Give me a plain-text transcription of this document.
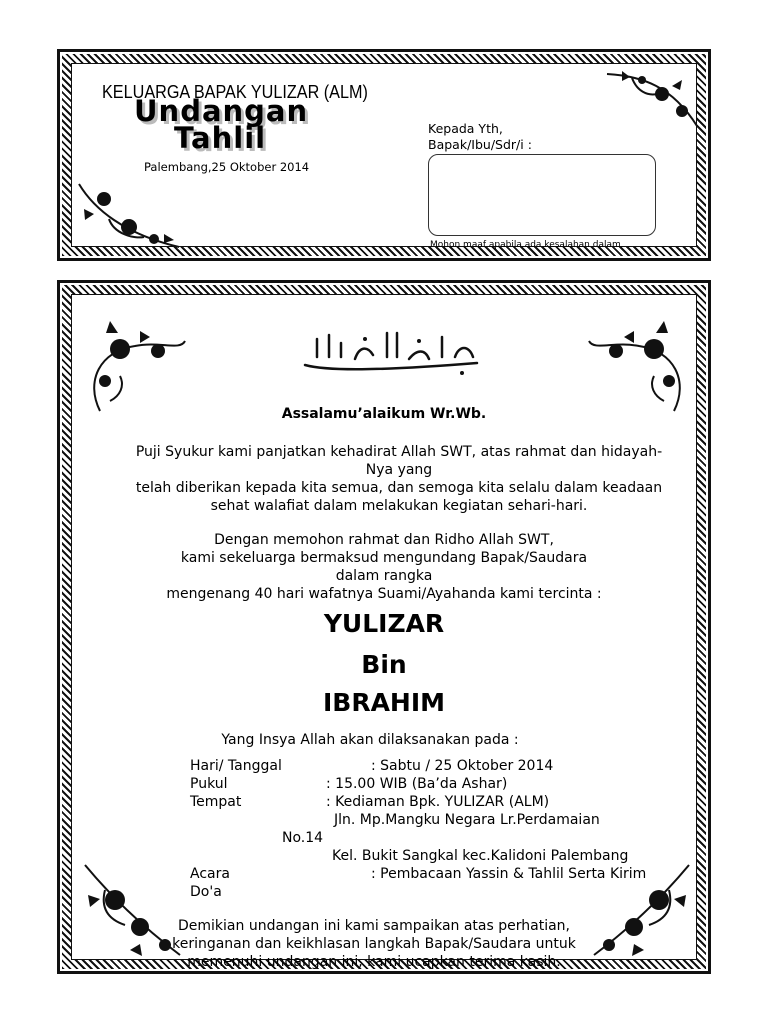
KELUARGA BAPAK YULIZAR (ALM)
Undangan
Tahlil
Palembang,25 Oktober 2014
Kepada Yth,
Bapak/Ibu/Sdr/i :
Mohon maaf apabila ada kesalahan dalam
Assalamu’alaikum Wr.Wb.
Puji Syukur kami panjatkan kehadirat Allah SWT, atas rahmat dan hidayah-
Nya yang
telah diberikan kepada kita semua, dan semoga kita selalu dalam keadaan
sehat walafiat dalam melakukan kegiatan sehari-hari.
Dengan memohon rahmat dan Ridho Allah SWT,
kami sekeluarga bermaksud mengundang Bapak/Saudara
dalam rangka
mengenang 40 hari wafatnya Suami/Ayahanda kami tercinta :
YULIZAR
Bin
IBRAHIM
Yang Insya Allah akan dilaksanakan pada :
Hari/ Tanggal	: Sabtu / 25 Oktober 2014
Pukul	: 15.00 WIB (Ba’da Ashar)
Tempat	: Kediaman Bpk. YULIZAR (ALM)
Jln. Mp.Mangku Negara Lr.Perdamaian
No.14
Kel. Bukit Sangkal kec.Kalidoni Palembang
Acara	: Pembacaan Yassin & Tahlil Serta Kirim
Do'a
Demikian undangan ini kami sampaikan atas perhatian,
keringanan dan keikhlasan langkah Bapak/Saudara untuk
memenuhi undangan ini, kami ucapkan terima kasih.
